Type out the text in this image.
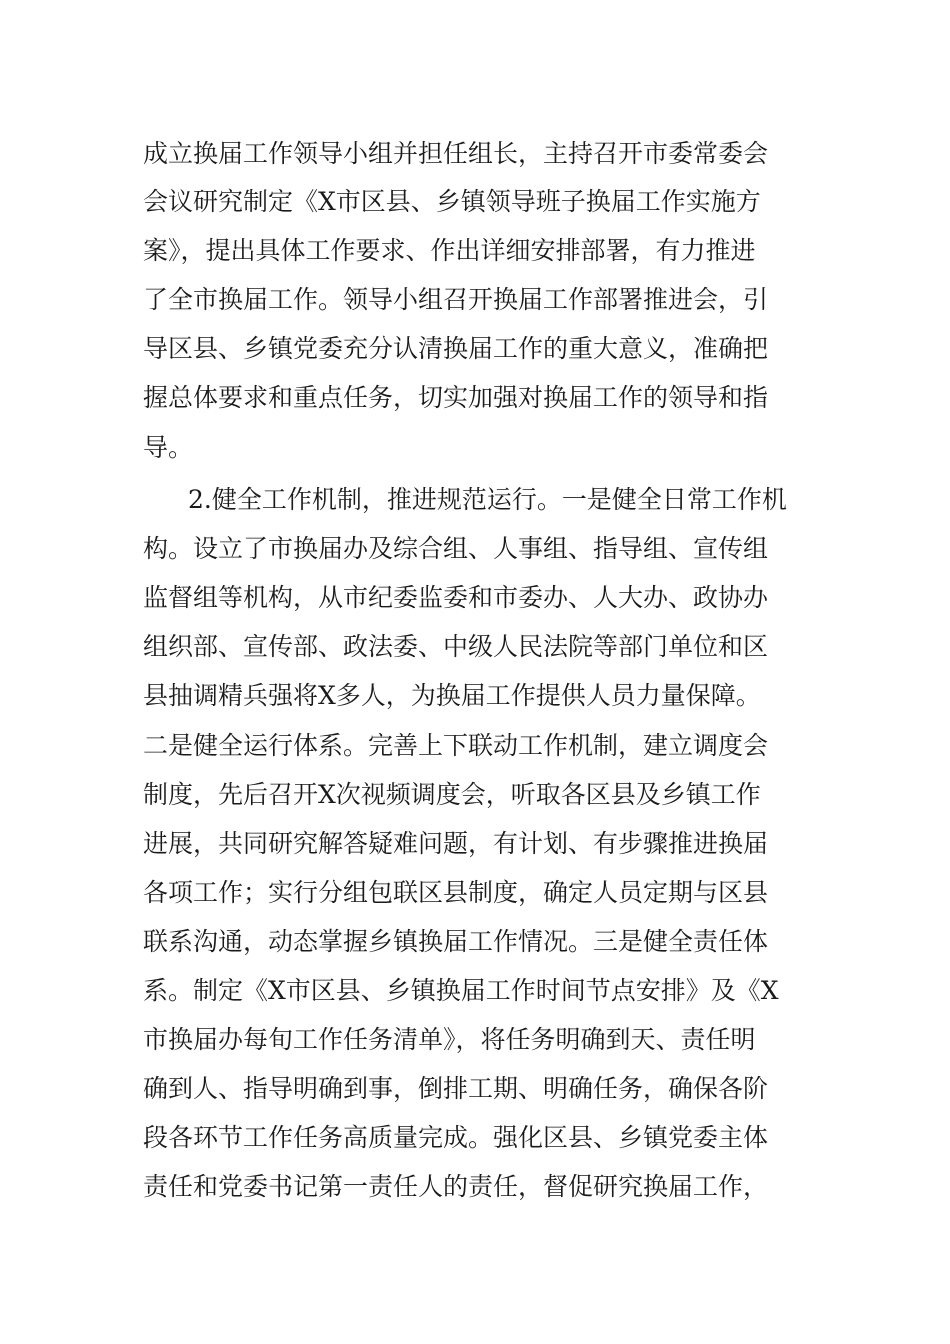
成立换届工作领导小组并担任组长，主持召开市委常委会
会议研究制定《X市区县、乡镇领导班子换届工作实施方
案》，提出具体工作要求、作出详细安排部署，有力推进
了全市换届工作。领导小组召开换届工作部署推进会，引
导区县、乡镇党委充分认清换届工作的重大意义，准确把
握总体要求和重点任务，切实加强对换届工作的领导和指
导。
2.健全工作机制，推进规范运行。一是健全日常工作机
构。设立了市换届办及综合组、人事组、指导组、宣传组
监督组等机构，从市纪委监委和市委办、人大办、政协办
组织部、宣传部、政法委、中级人民法院等部门单位和区
县抽调精兵强将X多人，为换届工作提供人员力量保障。
二是健全运行体系。完善上下联动工作机制，建立调度会
制度，先后召开X次视频调度会，听取各区县及乡镇工作
进展，共同研究解答疑难问题，有计划、有步骤推进换届
各项工作；实行分组包联区县制度，确定人员定期与区县
联系沟通，动态掌握乡镇换届工作情况。三是健全责任体
系。制定《X市区县、乡镇换届工作时间节点安排》及《X
市换届办每旬工作任务清单》，将任务明确到天、责任明
确到人、指导明确到事，倒排工期、明确任务，确保各阶
段各环节工作任务高质量完成。强化区县、乡镇党委主体
责任和党委书记第一责任人的责任，督促研究换届工作，
